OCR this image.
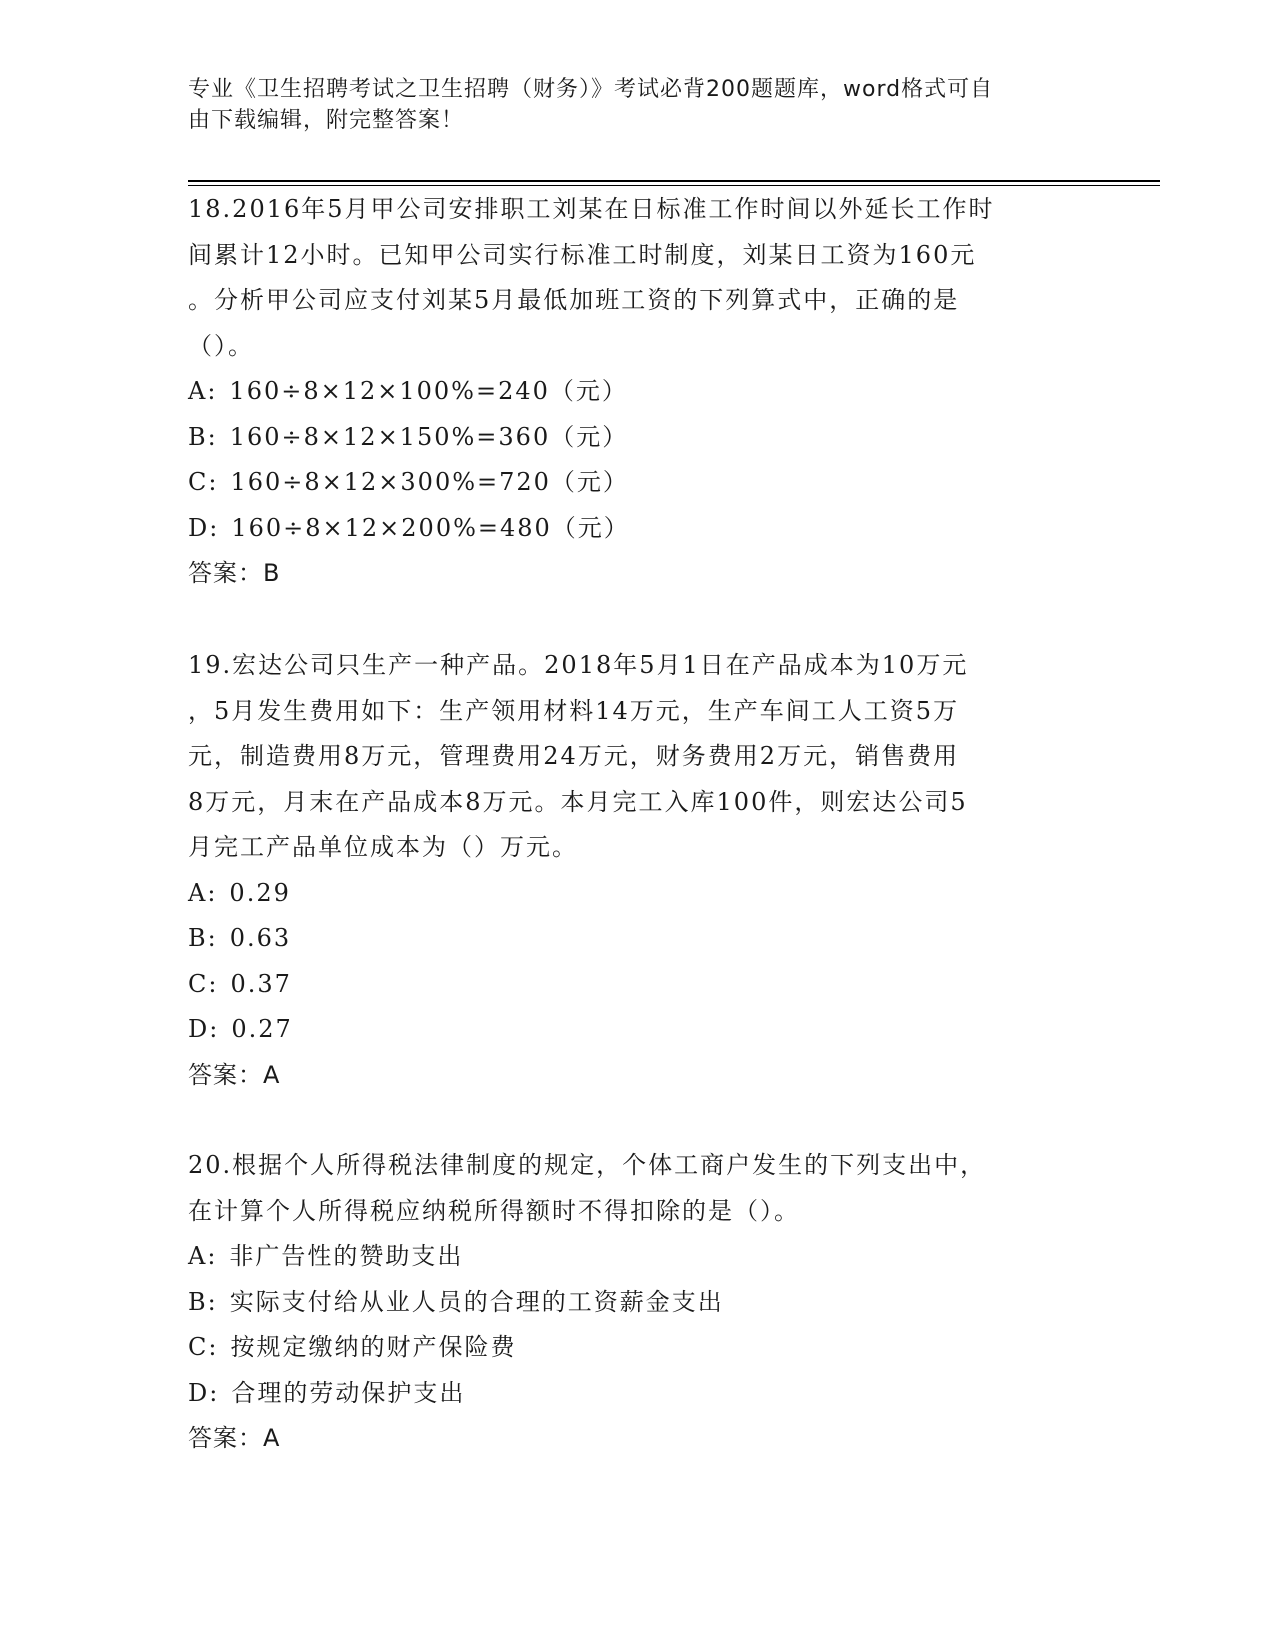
专业《卫生招聘考试之卫生招聘（财务）》考试必背200题题库，word格式可自
由下载编辑，附完整答案！

18.2016年5月甲公司安排职工刘某在日标准工作时间以外延长工作时

间累计12小时。已知甲公司实行标准工时制度，刘某日工资为160元

。分析甲公司应支付刘某5月最低加班工资的下列算式中，正确的是

（）。

A: 160÷8×12×100%=240（元）

B: 160÷8×12×150%=360（元）

C: 160÷8×12×300%=720（元）

D: 160÷8×12×200%=480（元）

答案：B

19.宏达公司只生产一种产品。2018年5月1日在产品成本为10万元

，5月发生费用如下：生产领用材料14万元，生产车间工人工资5万

元，制造费用8万元，管理费用24万元，财务费用2万元，销售费用

8万元，月末在产品成本8万元。本月完工入库100件，则宏达公司5

月完工产品单位成本为（）万元。

A: 0.29

B: 0.63

C: 0.37

D: 0.27

答案：A

20.根据个人所得税法律制度的规定，个体工商户发生的下列支出中，

在计算个人所得税应纳税所得额时不得扣除的是（）。

A: 非广告性的赞助支出

B: 实际支付给从业人员的合理的工资薪金支出

C: 按规定缴纳的财产保险费

D: 合理的劳动保护支出

答案：A
